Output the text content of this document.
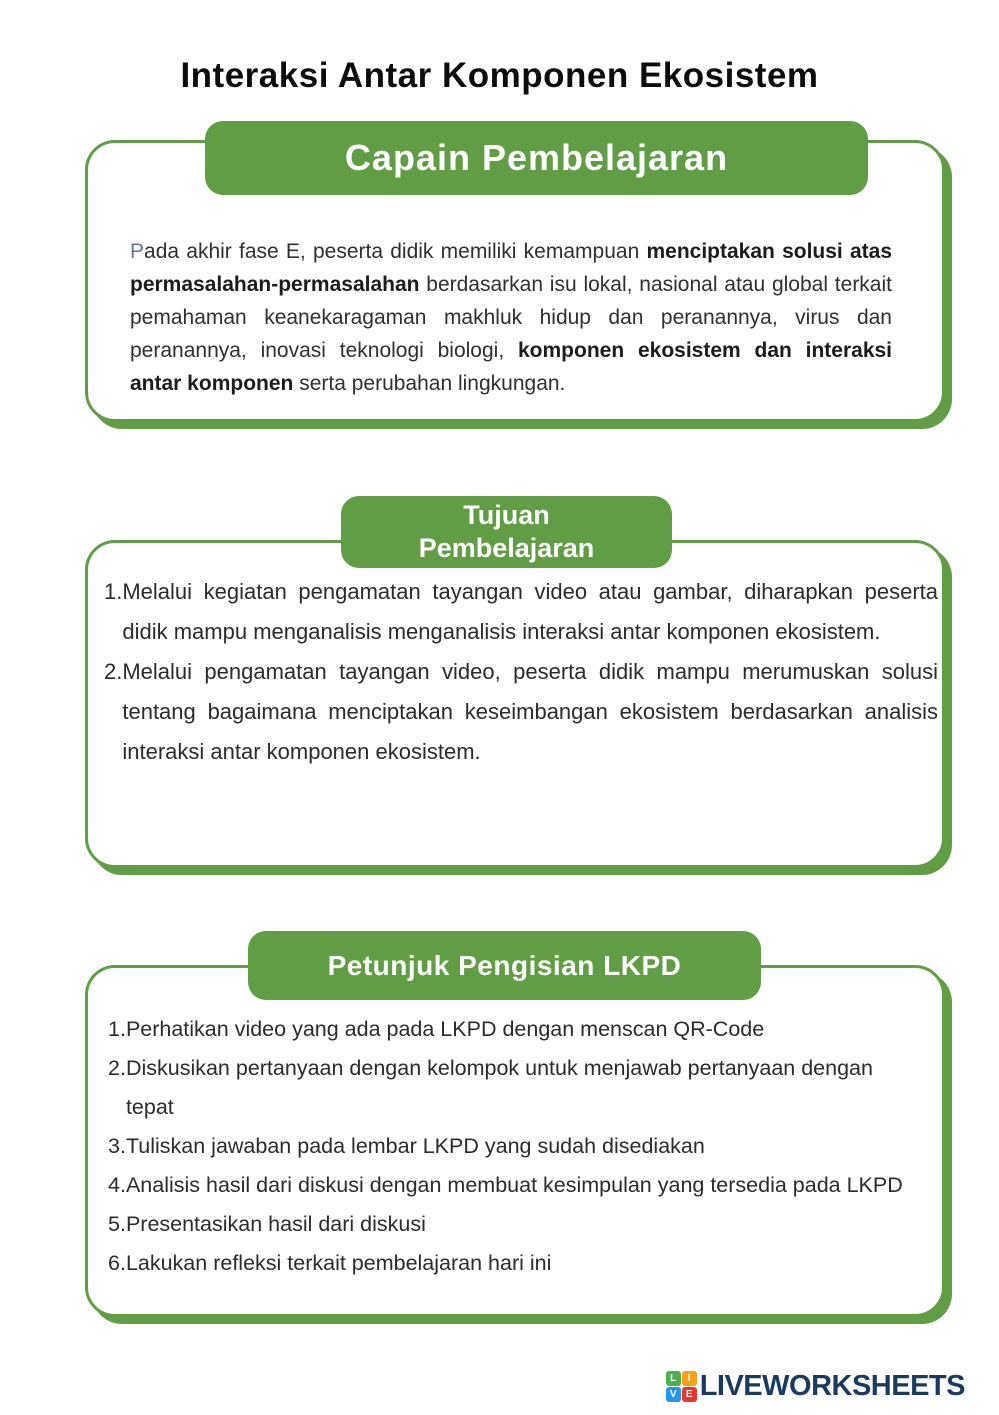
Interaksi Antar Komponen Ekosistem
Capain Pembelajaran

Pada akhir fase E, peserta didik memiliki kemampuan menciptakan solusi atas permasalahan-permasalahan berdasarkan isu lokal, nasional atau global terkait pemahaman keanekaragaman makhluk hidup dan peranannya, virus dan peranannya, inovasi teknologi biologi, komponen ekosistem dan interaksi antar komponen serta perubahan lingkungan.

Tujuan
Pembelajaran
1. Melalui kegiatan pengamatan tayangan video atau gambar, diharapkan peserta didik mampu menganalisis menganalisis interaksi antar komponen ekosistem.
2. Melalui pengamatan tayangan video, peserta didik mampu merumuskan solusi tentang bagaimana menciptakan keseimbangan ekosistem berdasarkan analisis interaksi antar komponen ekosistem.
Petunjuk Pengisian LKPD
1. Perhatikan video yang ada pada LKPD dengan menscan QR-Code
2. Diskusikan pertanyaan dengan kelompok untuk menjawab pertanyaan dengan tepat
3. Tuliskan jawaban pada lembar LKPD yang sudah disediakan
4. Analisis hasil dari diskusi dengan membuat kesimpulan yang tersedia pada LKPD
5. Presentasikan hasil dari diskusi
6. Lakukan refleksi terkait pembelajaran hari ini
L	I
V E LIVEWORKSHEETS
